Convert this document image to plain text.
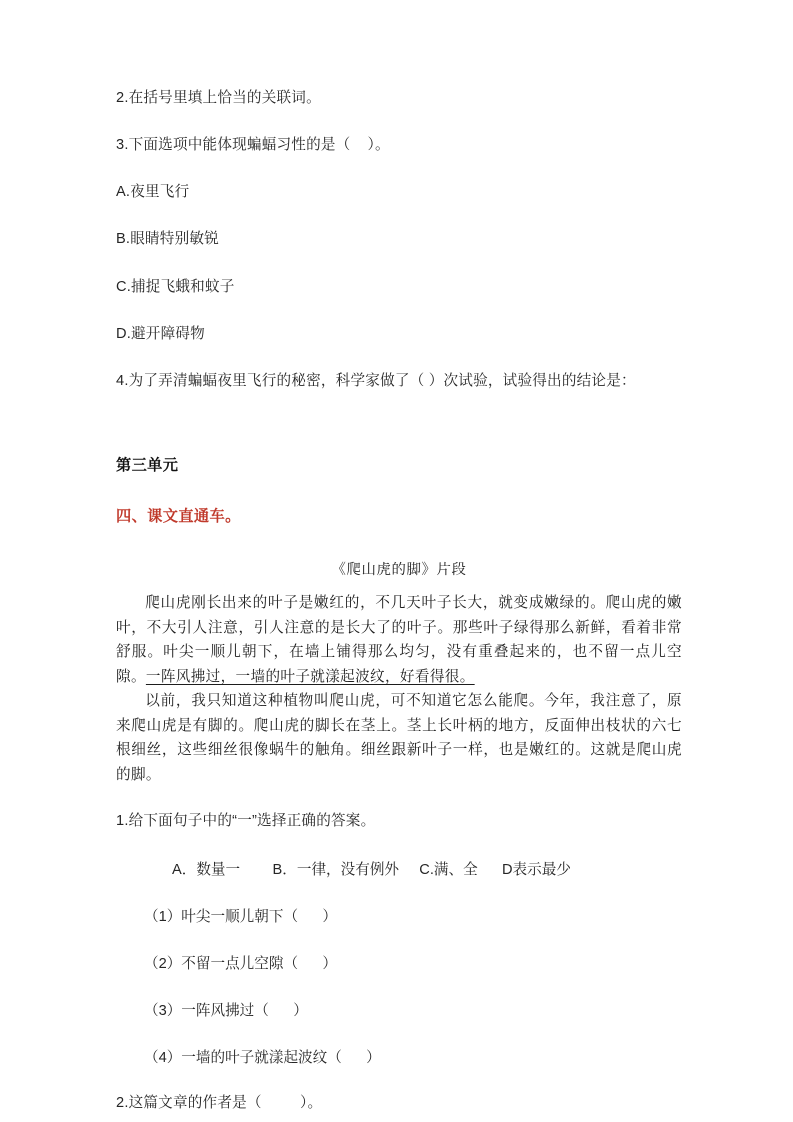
2.在括号里填上恰当的关联词。
3.下面选项中能体现蝙蝠习性的是（    ）。
A.夜里飞行
B.眼睛特别敏锐
C.捕捉飞蛾和蚊子
D.避开障碍物
4.为了弄清蝙蝠夜里飞行的秘密，科学家做了（ ）次试验，试验得出的结论是：
第三单元
四、课文直通车。
《爬山虎的脚》片段

爬山虎刚长出来的叶子是嫩红的，不几天叶子长大，就变成嫩绿的。爬山虎的嫩叶，不大引人注意，引人注意的是长大了的叶子。那些叶子绿得那么新鲜，看着非常舒服。叶尖一顺儿朝下，在墙上铺得那么均匀，没有重叠起来的，也不留一点儿空隙。一阵风拂过，一墙的叶子就漾起波纹，好看得很。

以前，我只知道这种植物叫爬山虎，可不知道它怎么能爬。今年，我注意了，原来爬山虎是有脚的。爬山虎的脚长在茎上。茎上长叶柄的地方，反面伸出枝状的六七根细丝，这些细丝很像蜗牛的触角。细丝跟新叶子一样，也是嫩红的。这就是爬山虎的脚。

1.给下面句子中的“一”选择正确的答案。
A．数量一        B．一律，没有例外     C.满、全      D表示最少
（1）叶尖一顺儿朝下（      ）
（2）不留一点儿空隙（      ）
（3）一阵风拂过（      ）
（4）一墙的叶子就漾起波纹（      ）
2.这篇文章的作者是（         ）。
